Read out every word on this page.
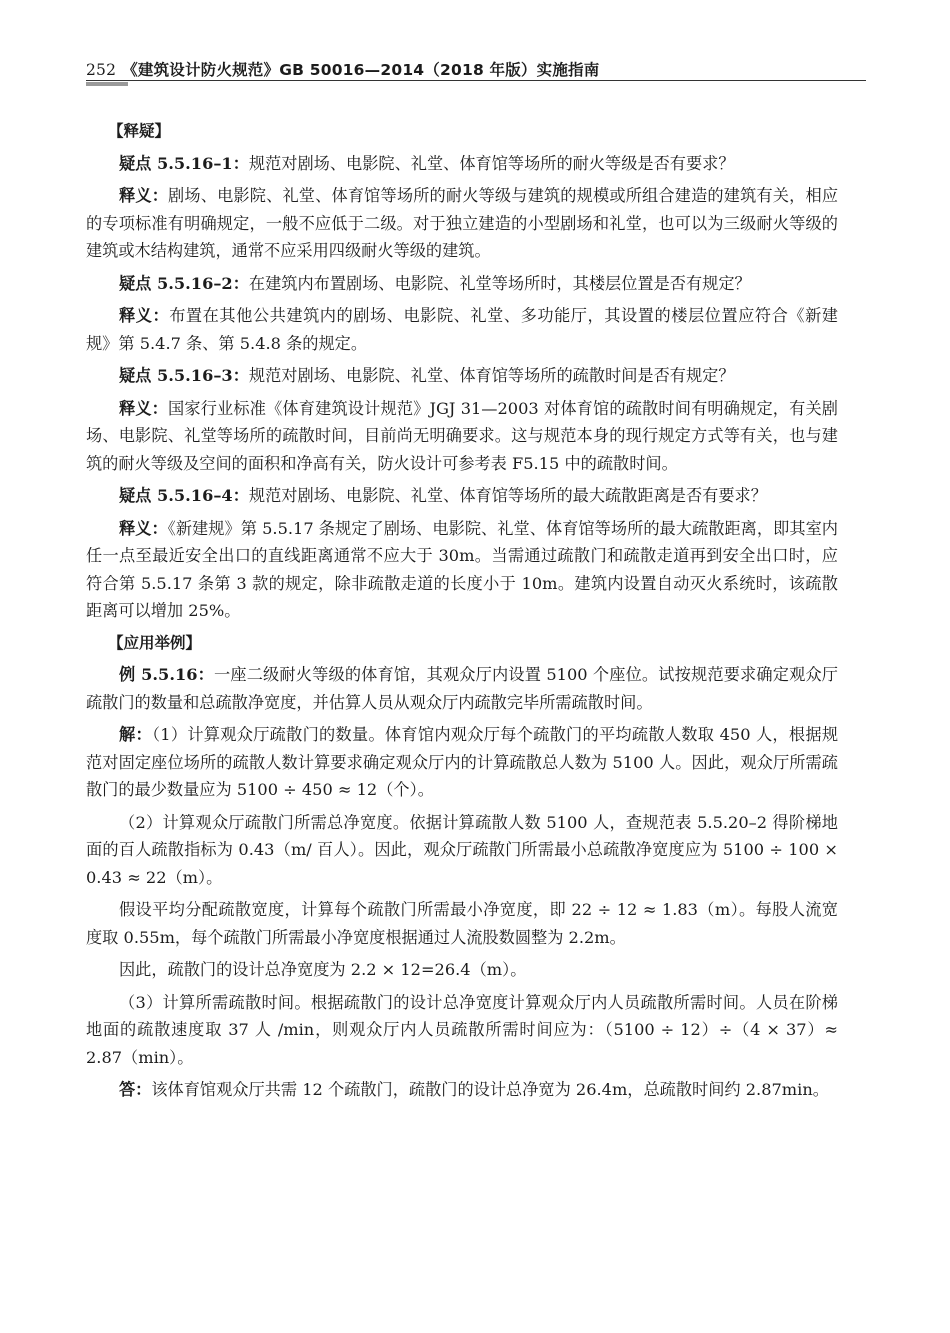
252 《建筑设计防火规范》GB 50016—2014（2018 年版）实施指南
【释疑】

疑点 5.5.16–1：规范对剧场、电影院、礼堂、体育馆等场所的耐火等级是否有要求？

释义：剧场、电影院、礼堂、体育馆等场所的耐火等级与建筑的规模或所组合建造的建筑有关，相应的专项标准有明确规定，一般不应低于二级。对于独立建造的小型剧场和礼堂，也可以为三级耐火等级的建筑或木结构建筑，通常不应采用四级耐火等级的建筑。

疑点 5.5.16–2：在建筑内布置剧场、电影院、礼堂等场所时，其楼层位置是否有规定？

释义：布置在其他公共建筑内的剧场、电影院、礼堂、多功能厅，其设置的楼层位置应符合《新建规》第 5.4.7 条、第 5.4.8 条的规定。

疑点 5.5.16–3：规范对剧场、电影院、礼堂、体育馆等场所的疏散时间是否有规定？

释义：国家行业标准《体育建筑设计规范》JGJ 31—2003 对体育馆的疏散时间有明确规定，有关剧场、电影院、礼堂等场所的疏散时间，目前尚无明确要求。这与规范本身的现行规定方式等有关，也与建筑的耐火等级及空间的面积和净高有关，防火设计可参考表 F5.15 中的疏散时间。

疑点 5.5.16–4：规范对剧场、电影院、礼堂、体育馆等场所的最大疏散距离是否有要求？

释义：《新建规》第 5.5.17 条规定了剧场、电影院、礼堂、体育馆等场所的最大疏散距离，即其室内任一点至最近安全出口的直线距离通常不应大于 30m。当需通过疏散门和疏散走道再到安全出口时，应符合第 5.5.17 条第 3 款的规定，除非疏散走道的长度小于 10m。建筑内设置自动灭火系统时，该疏散距离可以增加 25%。

【应用举例】

例 5.5.16：一座二级耐火等级的体育馆，其观众厅内设置 5100 个座位。试按规范要求确定观众厅疏散门的数量和总疏散净宽度，并估算人员从观众厅内疏散完毕所需疏散时间。

解：（1）计算观众厅疏散门的数量。体育馆内观众厅每个疏散门的平均疏散人数取 450 人，根据规范对固定座位场所的疏散人数计算要求确定观众厅内的计算疏散总人数为 5100 人。因此，观众厅所需疏散门的最少数量应为 5100 ÷ 450 ≈ 12（个）。

（2）计算观众厅疏散门所需总净宽度。依据计算疏散人数 5100 人，查规范表 5.5.20–2 得阶梯地面的百人疏散指标为 0.43（m/ 百人）。因此，观众厅疏散门所需最小总疏散净宽度应为 5100 ÷ 100 × 0.43 ≈ 22（m）。

假设平均分配疏散宽度，计算每个疏散门所需最小净宽度，即 22 ÷ 12 ≈ 1.83（m）。每股人流宽度取 0.55m，每个疏散门所需最小净宽度根据通过人流股数圆整为 2.2m。

因此，疏散门的设计总净宽度为 2.2 × 12=26.4（m）。

（3）计算所需疏散时间。根据疏散门的设计总净宽度计算观众厅内人员疏散所需时间。人员在阶梯地面的疏散速度取 37 人 /min，则观众厅内人员疏散所需时间应为：（5100 ÷ 12）÷（4 × 37）≈ 2.87（min）。

答：该体育馆观众厅共需 12 个疏散门，疏散门的设计总净宽为 26.4m，总疏散时间约 2.87min。
